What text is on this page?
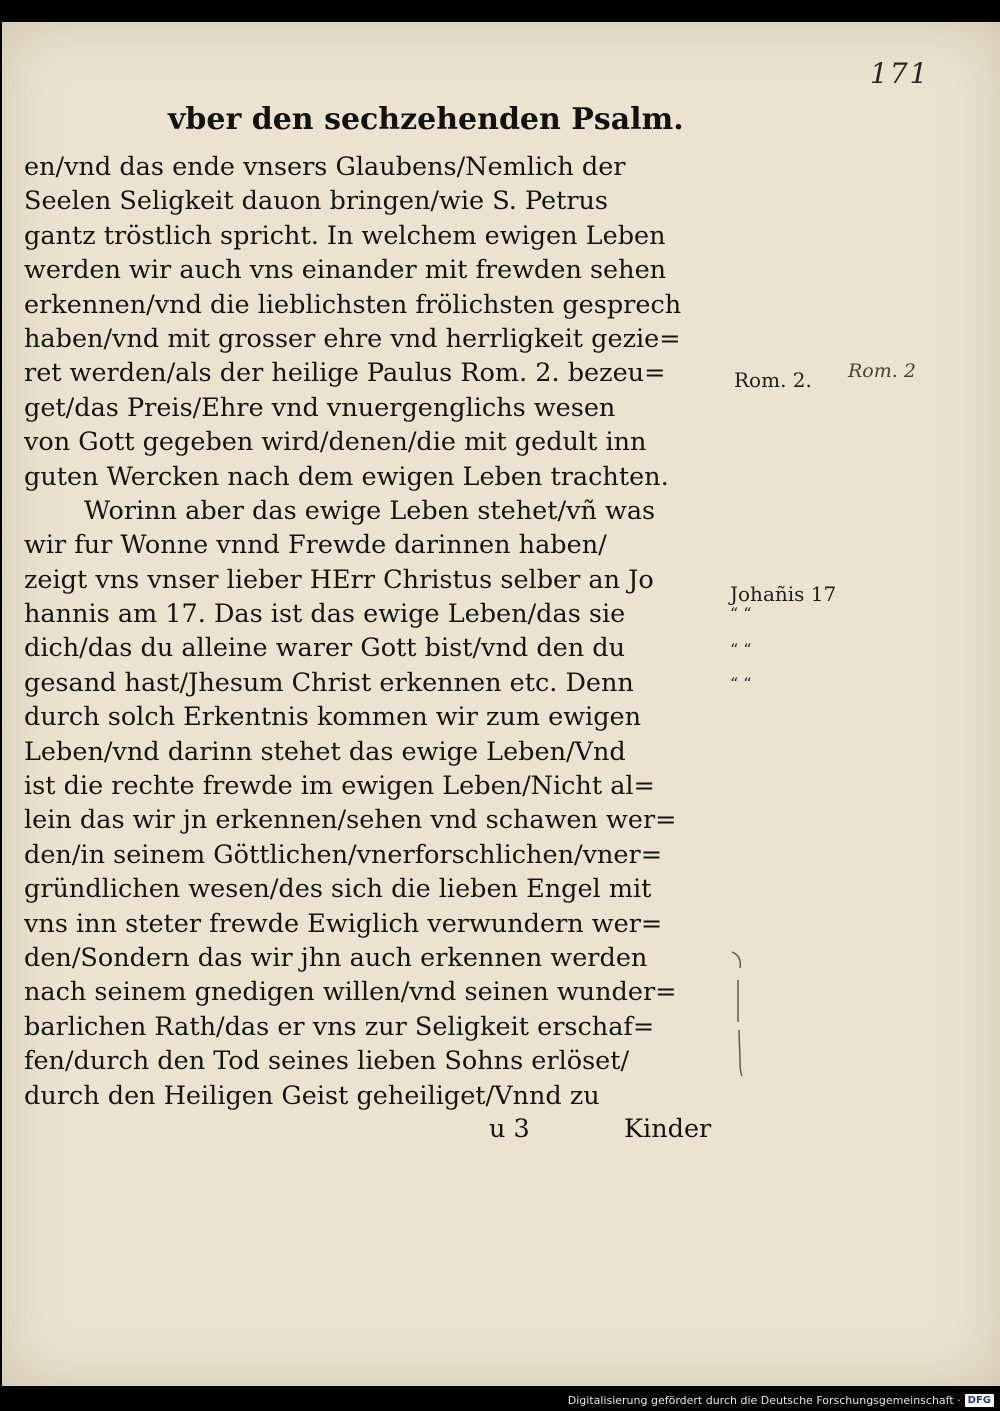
171
vber den sechzehenden Psalm.
en/vnd das ende vnsers Glaubens/Nemlich der
Seelen Seligkeit dauon bringen/wie S. Petrus
gantz tröstlich spricht. In welchem ewigen Leben
werden wir auch vns einander mit frewden sehen
erkennen/vnd die lieblichsten frölichsten gesprech
haben/vnd mit grosser ehre vnd herrligkeit gezie=
ret werden/als der heilige Paulus Rom. 2. bezeu=
get/das Preis/Ehre vnd vnuergenglichs wesen
von Gott gegeben wird/denen/die mit gedult inn
guten Wercken nach dem ewigen Leben trachten.
Worinn aber das ewige Leben stehet/vñ was
wir fur Wonne vnnd Frewde darinnen haben/
zeigt vns vnser lieber HErr Christus selber an Jo
hannis am 17. Das ist das ewige Leben/das sie
dich/das du alleine warer Gott bist/vnd den du
gesand hast/Jhesum Christ erkennen etc. Denn
durch solch Erkentnis kommen wir zum ewigen
Leben/vnd darinn stehet das ewige Leben/Vnd
ist die rechte frewde im ewigen Leben/Nicht al=
lein das wir jn erkennen/sehen vnd schawen wer=
den/in seinem Göttlichen/vnerforschlichen/vner=
gründlichen wesen/des sich die lieben Engel mit
vns inn steter frewde Ewiglich verwundern wer=
den/Sondern das wir jhn auch erkennen werden
nach seinem gnedigen willen/vnd seinen wunder=
barlichen Rath/das er vns zur Seligkeit erschaf=
fen/durch den Tod seines lieben Sohns erlöset/
durch den Heiligen Geist geheiliget/Vnnd zu
u 3	Kinder
Rom. 2. Rom. 2
Johañis 17
“ “
“ “
“ “
Digitalisierung gefördert durch die Deutsche Forschungsgemeinschaft · DFG
